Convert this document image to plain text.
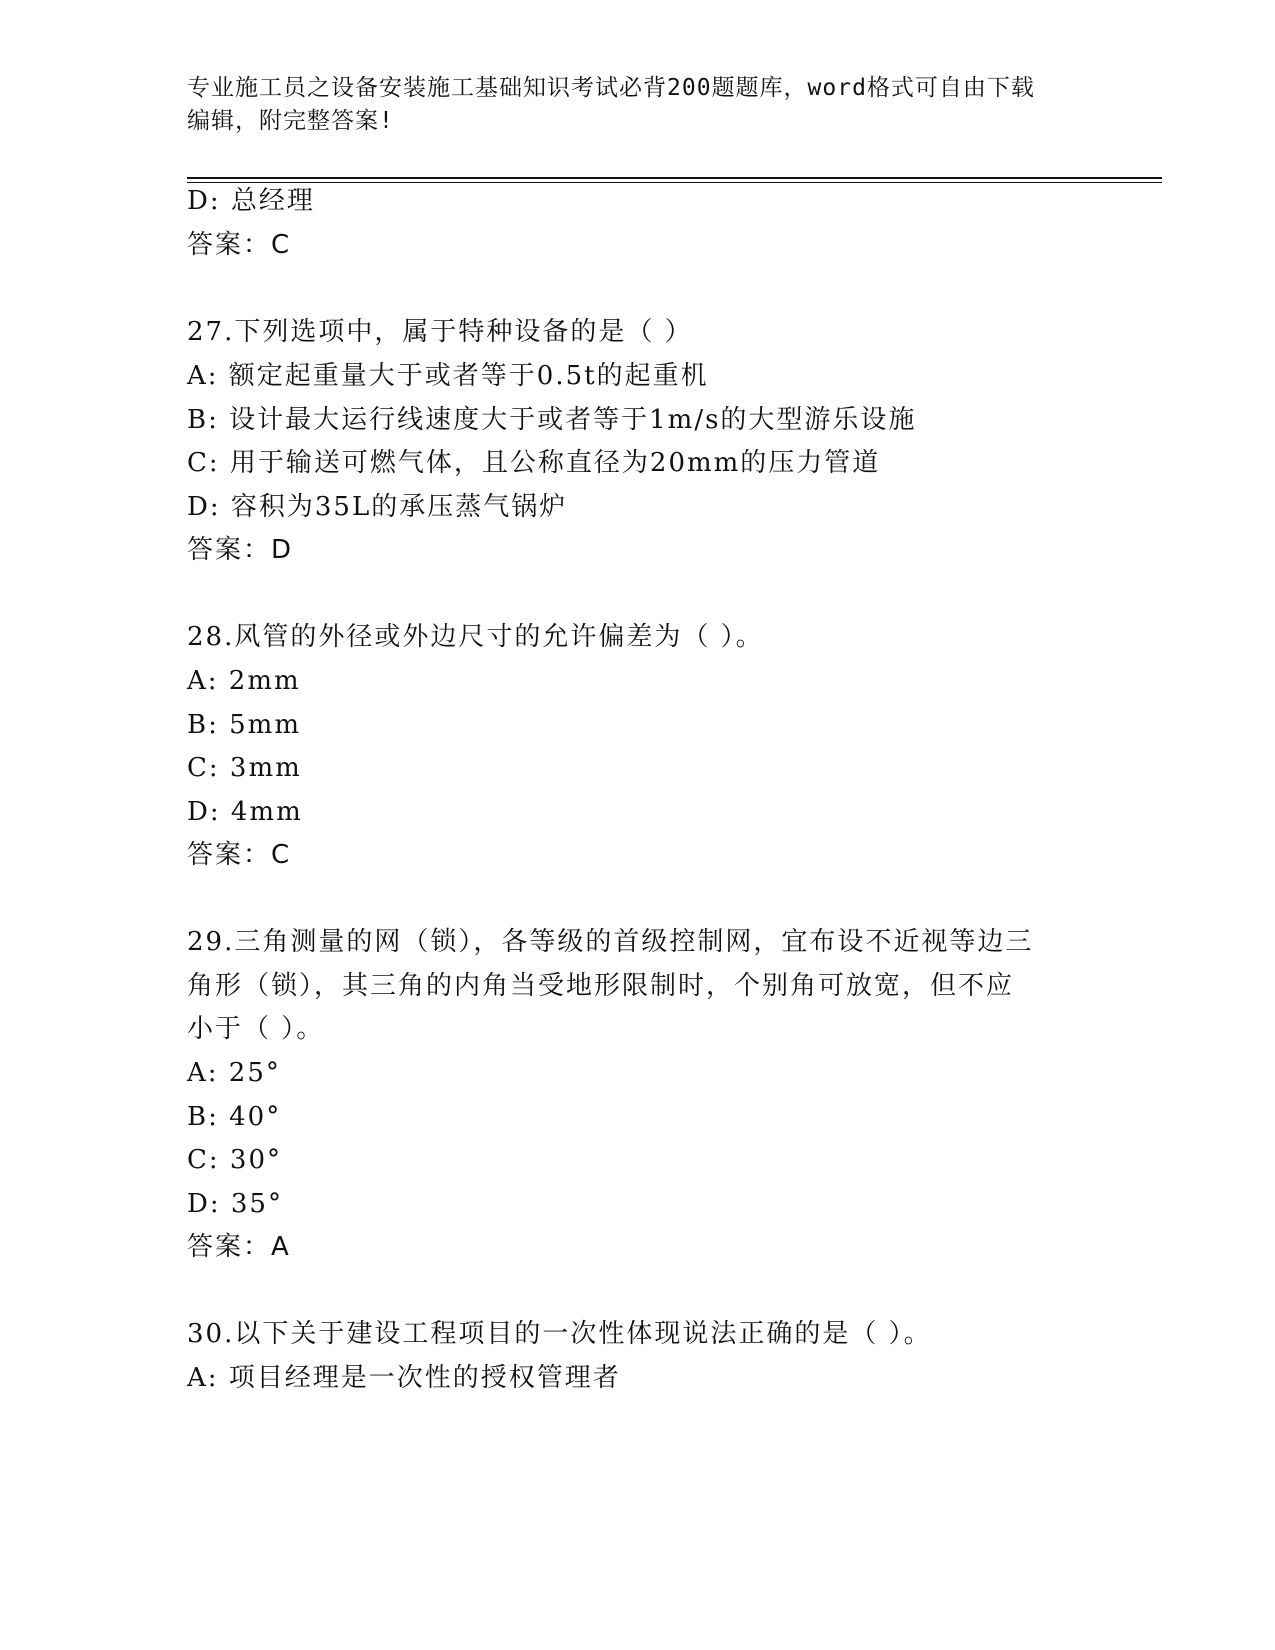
专业施工员之设备安装施工基础知识考试必背200题题库，word格式可自由下载
编辑，附完整答案!
D: 总经理
答案：C
27.下列选项中，属于特种设备的是（ ）
A: 额定起重量大于或者等于0.5t的起重机
B: 设计最大运行线速度大于或者等于1m/s的大型游乐设施
C: 用于输送可燃气体，且公称直径为20mm的压力管道
D: 容积为35L的承压蒸气锅炉
答案：D
28.风管的外径或外边尺寸的允许偏差为（ ）。
A: 2mm
B: 5mm
C: 3mm
D: 4mm
答案：C
29.三角测量的网（锁），各等级的首级控制网，宜布设不近视等边三
角形（锁），其三角的内角当受地形限制时，个别角可放宽，但不应
小于（ ）。
A: 25°
B: 40°
C: 30°
D: 35°
答案：A
30.以下关于建设工程项目的一次性体现说法正确的是（ ）。
A: 项目经理是一次性的授权管理者
